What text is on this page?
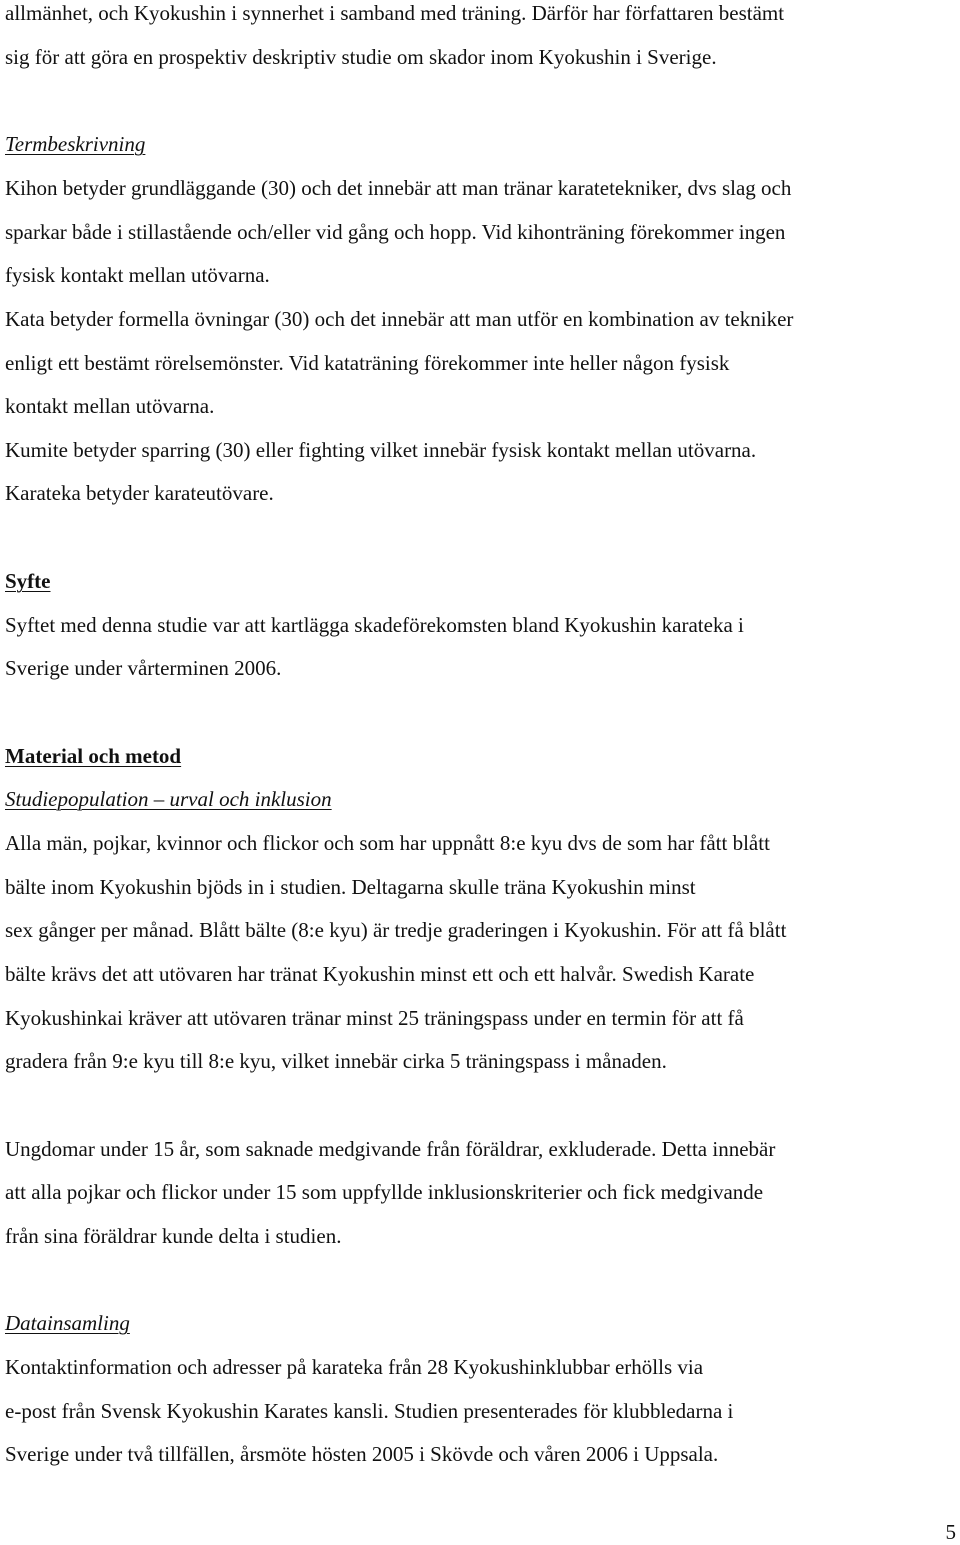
allmänhet, och Kyokushin i synnerhet i samband med träning. Därför har författaren bestämt
sig för att göra en prospektiv deskriptiv studie om skador inom Kyokushin i Sverige.
Termbeskrivning
Kihon betyder grundläggande (30) och det innebär att man tränar karatetekniker, dvs slag och
sparkar både i stillastående och/eller vid gång och hopp. Vid kihonträning förekommer ingen
fysisk kontakt mellan utövarna.
Kata betyder formella övningar (30) och det innebär att man utför en kombination av tekniker
enligt ett bestämt rörelsemönster. Vid kataträning förekommer inte heller någon fysisk
kontakt mellan utövarna.
Kumite betyder sparring (30) eller fighting vilket innebär fysisk kontakt mellan utövarna.
Karateka betyder karateutövare.
Syfte
Syftet med denna studie var att kartlägga skadeförekomsten bland Kyokushin karateka i
Sverige under vårterminen 2006.
Material och metod
Studiepopulation – urval och inklusion
Alla män, pojkar, kvinnor och flickor och som har uppnått 8:e kyu dvs de som har fått blått
bälte inom Kyokushin bjöds in i studien. Deltagarna skulle träna Kyokushin minst
sex gånger per månad. Blått bälte (8:e kyu) är tredje graderingen i Kyokushin. För att få blått
bälte krävs det att utövaren har tränat Kyokushin minst ett och ett halvår. Swedish Karate
Kyokushinkai kräver att utövaren tränar minst 25 träningspass under en termin för att få
gradera från 9:e kyu till 8:e kyu, vilket innebär cirka 5 träningspass i månaden.
Ungdomar under 15 år, som saknade medgivande från föräldrar, exkluderade. Detta innebär
att alla pojkar och flickor under 15 som uppfyllde inklusionskriterier och fick medgivande
från sina föräldrar kunde delta i studien.
Datainsamling
Kontaktinformation och adresser på karateka från 28 Kyokushinklubbar erhölls via
e-post från Svensk Kyokushin Karates kansli. Studien presenterades för klubbledarna i
Sverige under två tillfällen, årsmöte hösten 2005 i Skövde och våren 2006 i Uppsala.
5
